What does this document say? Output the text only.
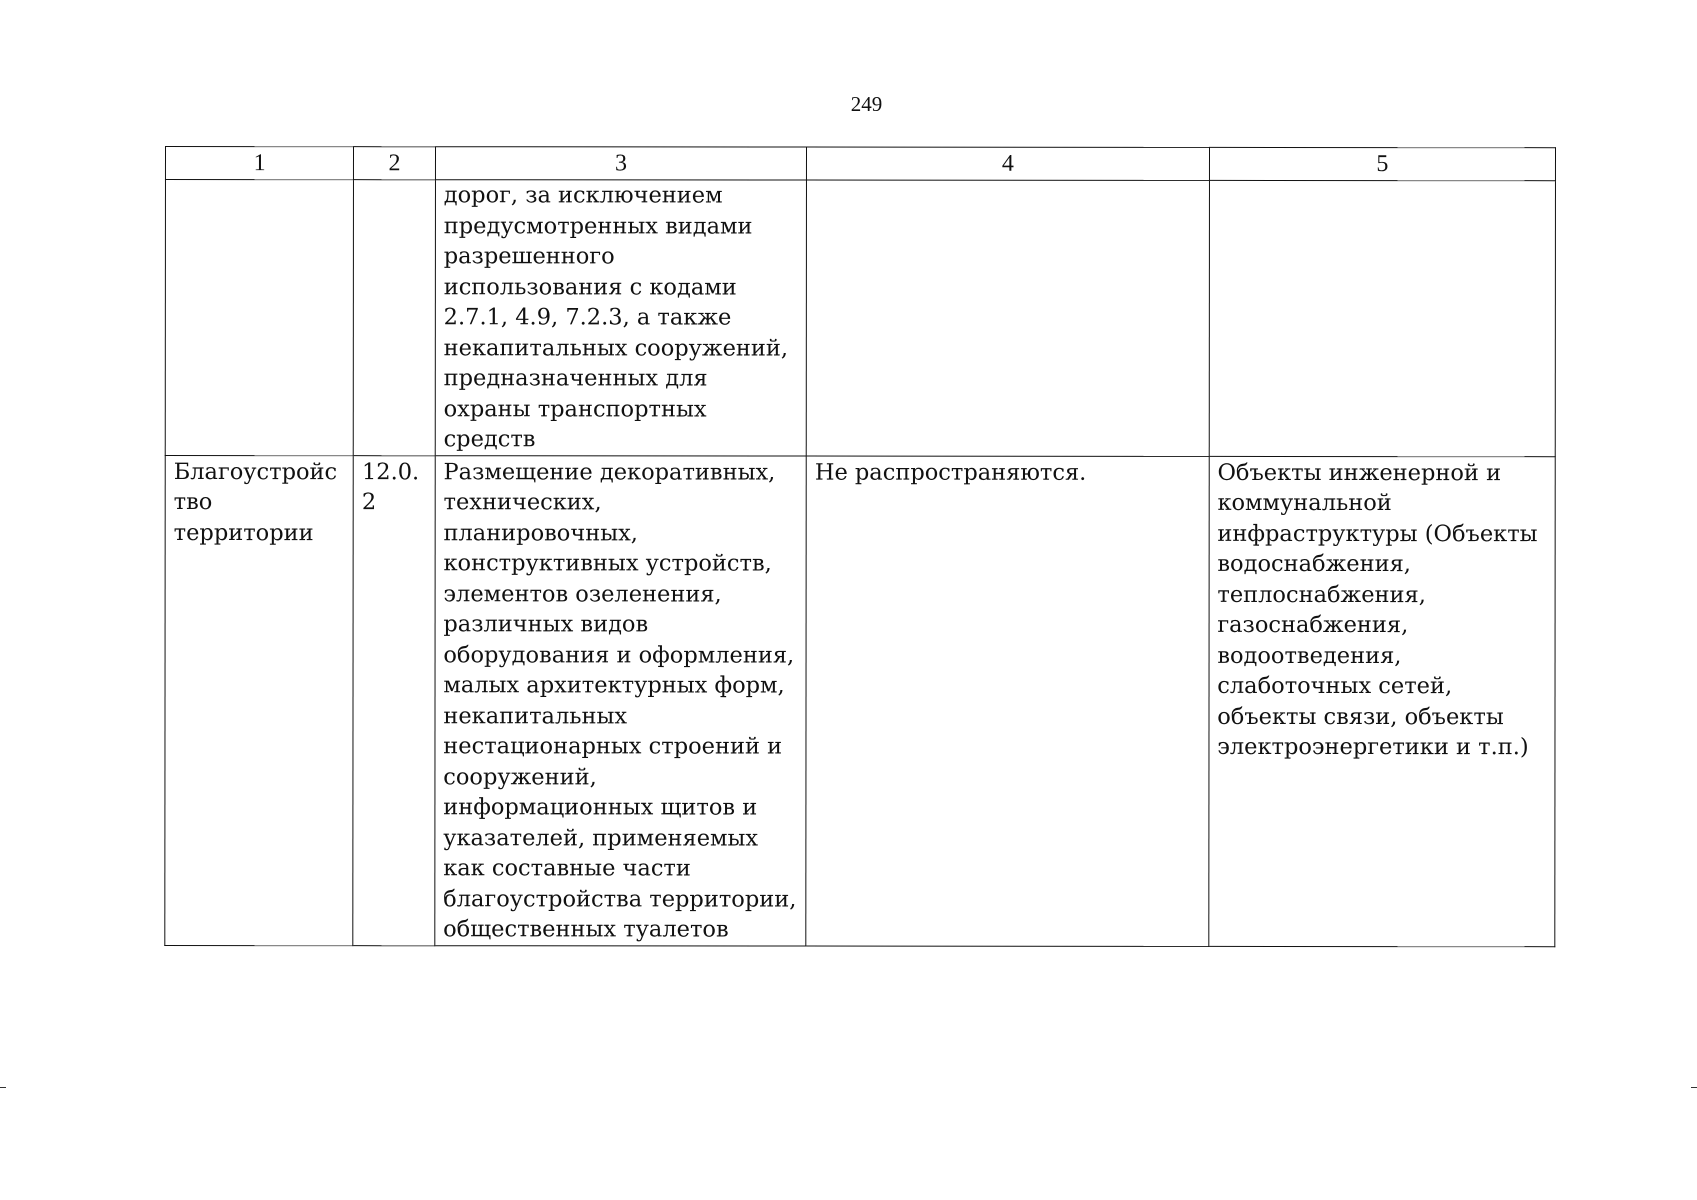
249
1	2	3	4	5
		дорог, за исключением предусмотренных видами разрешенного использования с кодами 2.7.1, 4.9, 7.2.3, а также некапитальных сооружений, предназначенных для охраны транспортных средств		
Благоустройство территории	12.0.2	Размещение декоративных, технических, планировочных, конструктивных устройств, элементов озеленения, различных видов оборудования и оформления, малых архитектурных форм, некапитальных нестационарных строений и сооружений, информационных щитов и указателей, применяемых как составные части благоустройства территории, общественных туалетов	Не распространяются.	Объекты инженерной и коммунальной инфраструктуры (Объекты водоснабжения, теплоснабжения, газоснабжения, водоотведения, слаботочных сетей, объекты связи, объекты электроэнергетики и т.п.)
